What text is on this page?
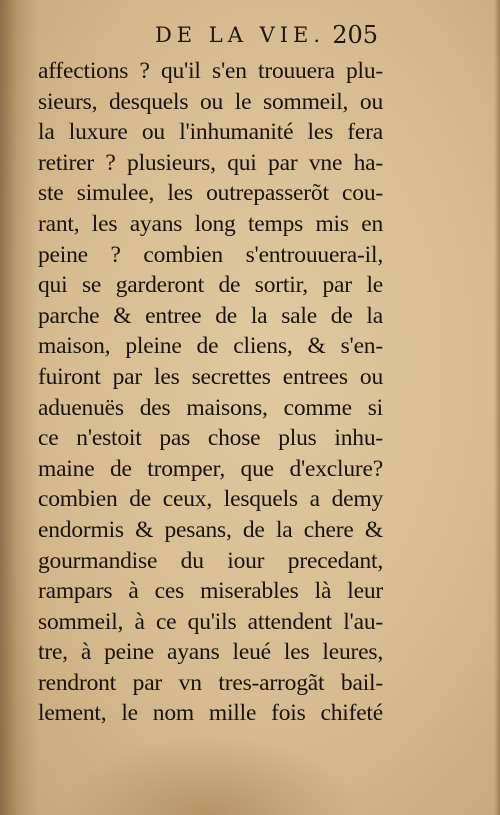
DE LA VIE. 205
affections ? qu'il s'en trouuera plu-
sieurs, desquels ou le sommeil, ou
la luxure ou l'inhumanité les fera
retirer ? plusieurs, qui par vne ha-
ste simulee, les outrepasserõt cou-
rant, les ayans long temps mis en
peine ? combien s'entrouuera-il,
qui se garderont de sortir, par le
parche & entree de la sale de la
maison, pleine de cliens, & s'en-
fuiront par les secrettes entrees ou
aduenuës des maisons, comme si
ce n'estoit pas chose plus inhu-
maine de tromper, que d'exclure?
combien de ceux, lesquels a demy
endormis & pesans, de la chere &
gourmandise du iour precedant,
rampars à ces miserables là leur
sommeil, à ce qu'ils attendent l'au-
tre, à peine ayans leué les leures,
rendront par vn tres-arrogãt bail-
lement, le nom mille fois chifeté
